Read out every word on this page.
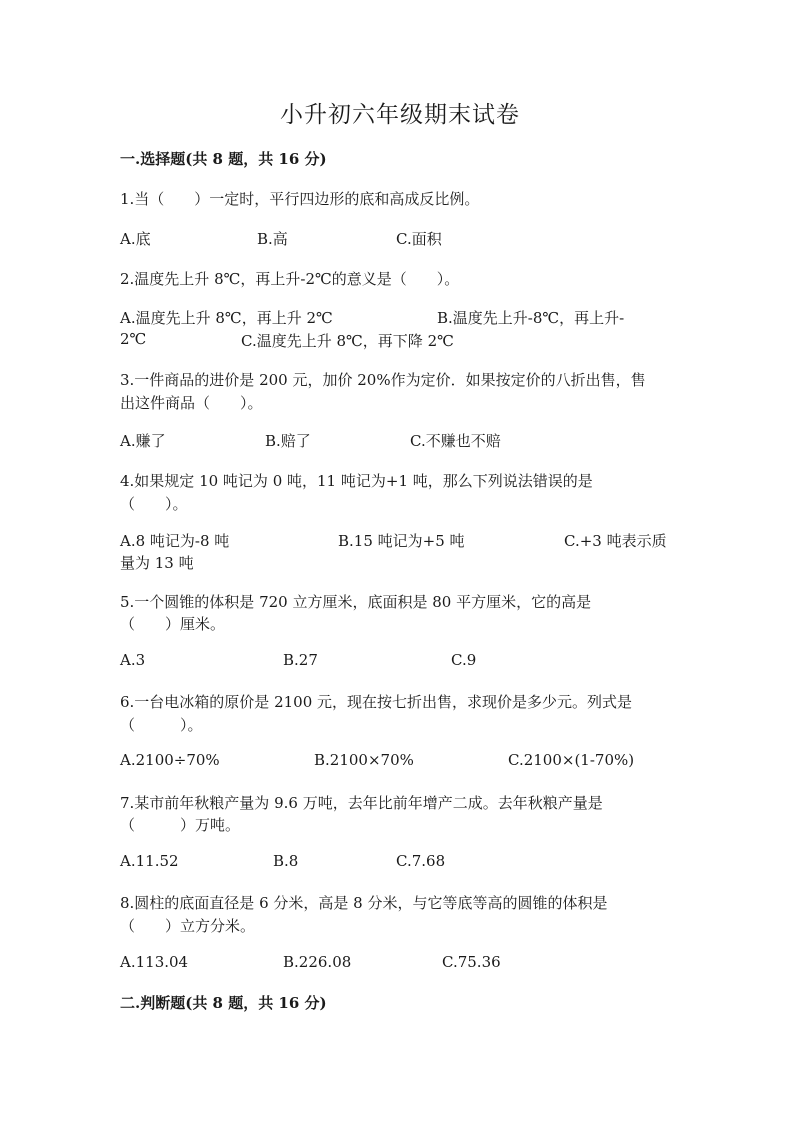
小升初六年级期末试卷
一.选择题(共 8 题，共 16 分)
1.当（　　）一定时，平行四边形的底和高成反比例。
A.底	B.高	C.面积
2.温度先上升 8℃，再上升-2℃的意义是（　　）。
A.温度先上升 8℃，再上升 2℃	B.温度先上升-8℃，再上升-
2℃	C.温度先上升 8℃，再下降 2℃
3.一件商品的进价是 200 元，加价 20%作为定价．如果按定价的八折出售，售
出这件商品（　　）。
A.赚了	B.赔了	C.不赚也不赔
4.如果规定 10 吨记为 0 吨，11 吨记为+1 吨，那么下列说法错误的是
（　　）。
A.8 吨记为-8 吨	B.15 吨记为+5 吨	C.+3 吨表示质
量为 13 吨
5.一个圆锥的体积是 720 立方厘米，底面积是 80 平方厘米，它的高是
（　　）厘米。
A.3	B.27	C.9
6.一台电冰箱的原价是 2100 元，现在按七折出售，求现价是多少元。列式是
（　　　）。
A.2100÷70%	B.2100×70%	C.2100×(1-70%)
7.某市前年秋粮产量为 9.6 万吨，去年比前年增产二成。去年秋粮产量是
（　　　）万吨。
A.11.52	B.8	C.7.68
8.圆柱的底面直径是 6 分米，高是 8 分米，与它等底等高的圆锥的体积是
（　　）立方分米。
A.113.04	B.226.08	C.75.36
二.判断题(共 8 题，共 16 分)
